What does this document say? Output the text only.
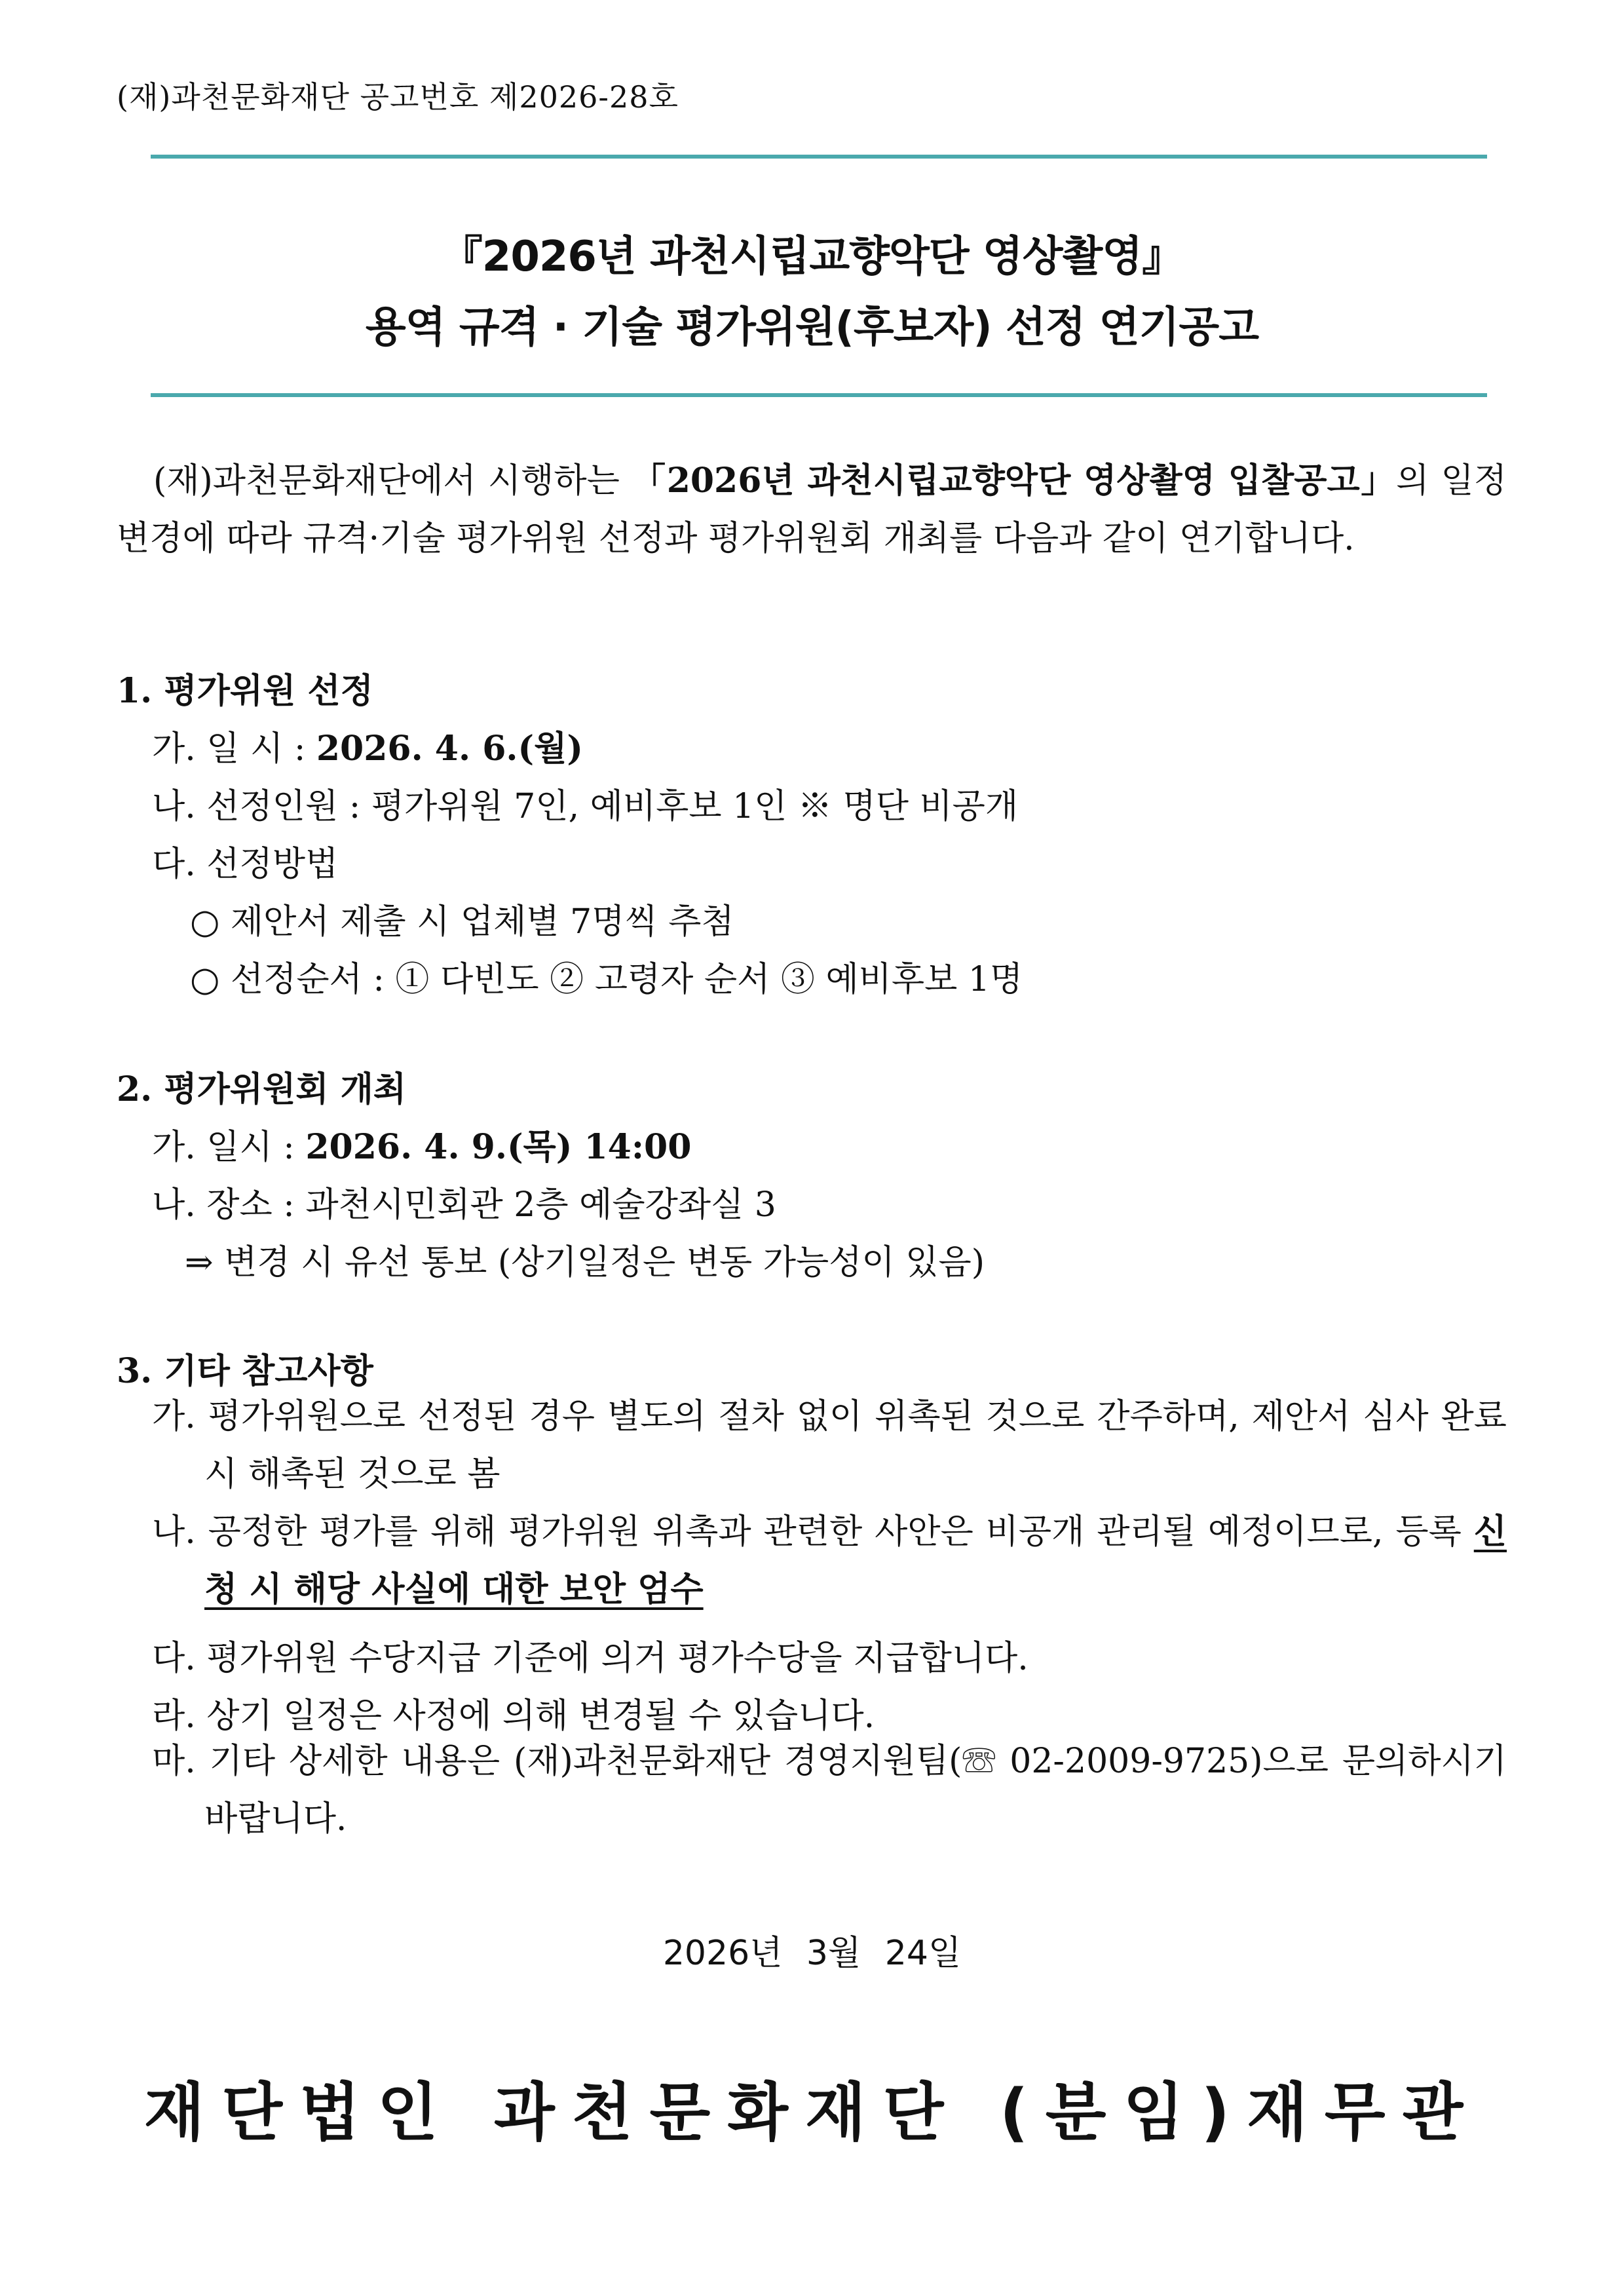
(재)과천문화재단 공고번호 제2026-28호
『2026년 과천시립교향악단 영상촬영』
용역 규격 · 기술 평가위원(후보자) 선정 연기공고
(재)과천문화재단에서 시행하는 「2026년 과천시립교향악단 영상촬영 입찰공고」의 일정 변경에 따라 규격·기술 평가위원 선정과 평가위원회 개최를 다음과 같이 연기합니다.
1. 평가위원 선정
가. 일 시 : 2026. 4. 6.(월)
나. 선정인원 : 평가위원 7인, 예비후보 1인 ※ 명단 비공개
다. 선정방법
○ 제안서 제출 시 업체별 7명씩 추첨
○ 선정순서 : ① 다빈도 ② 고령자 순서 ③ 예비후보 1명
2. 평가위원회 개최
가. 일시 : 2026. 4. 9.(목) 14:00
나. 장소 : 과천시민회관 2층 예술강좌실 3
⇒ 변경 시 유선 통보 (상기일정은 변동 가능성이 있음)
3. 기타 참고사항
가. 평가위원으로 선정된 경우 별도의 절차 없이 위촉된 것으로 간주하며, 제안서 심사 완료시 해촉된 것으로 봄
나. 공정한 평가를 위해 평가위원 위촉과 관련한 사안은 비공개 관리될 예정이므로, 등록 신청 시 해당 사실에 대한 보안 엄수
다. 평가위원 수당지급 기준에 의거 평가수당을 지급합니다.
라. 상기 일정은 사정에 의해 변경될 수 있습니다.
마. 기타 상세한 내용은 (재)과천문화재단 경영지원팀(☏ 02-2009-9725)으로 문의하시기 바랍니다.
2026년 3월 24일
재단법인 과천문화재단 (분임)재무관
